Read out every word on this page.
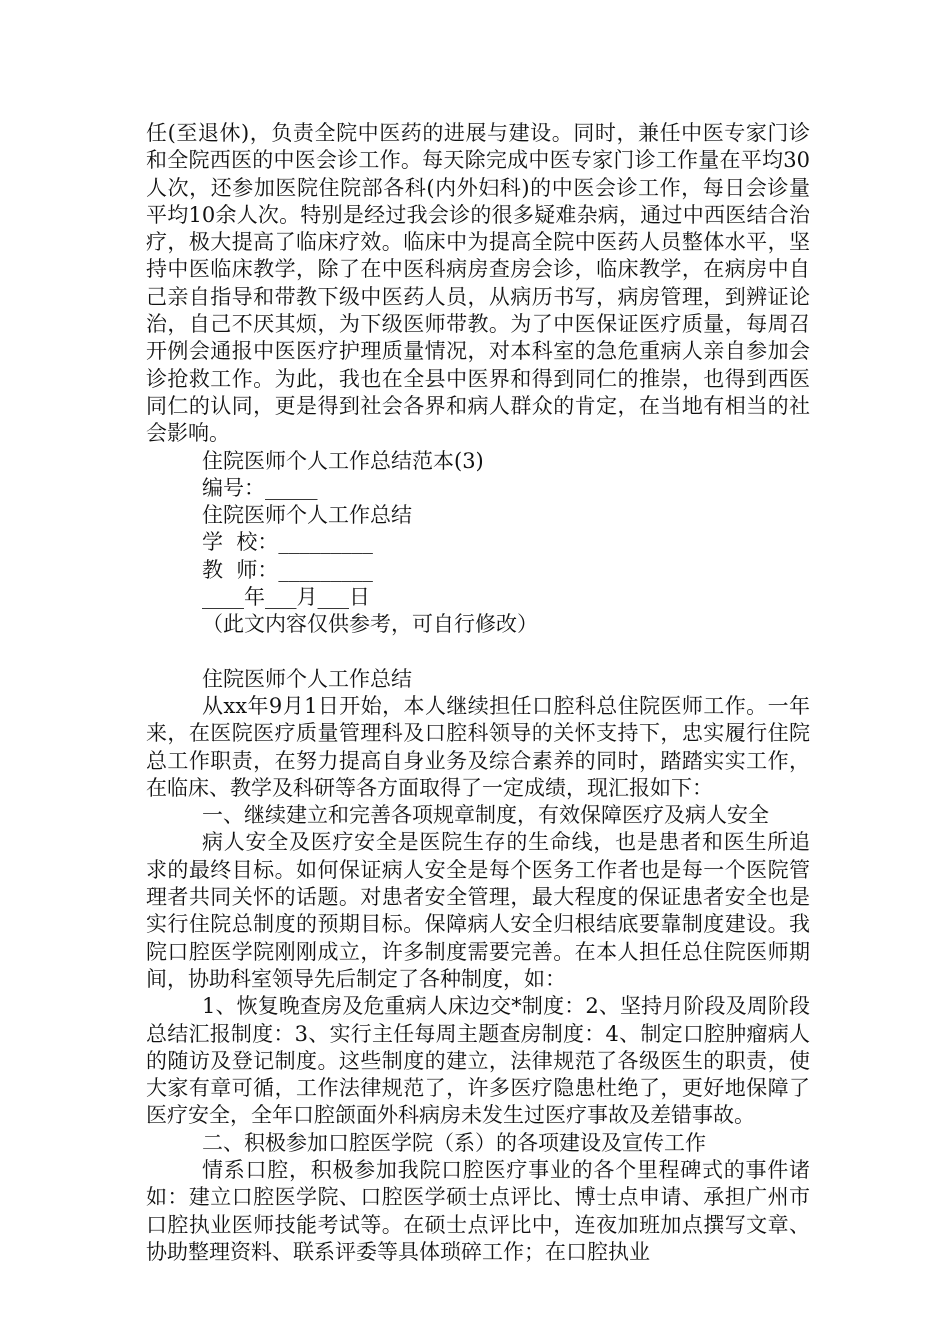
任(至退休)，负责全院中医药的进展与建设。同时，兼任中医专家门诊和全院西医的中医会诊工作。每天除完成中医专家门诊工作量在平均30人次，还参加医院住院部各科(内外妇科)的中医会诊工作，每日会诊量平均10余人次。特别是经过我会诊的很多疑难杂病，通过中西医结合治疗，极大提高了临床疗效。临床中为提高全院中医药人员整体水平，坚持中医临床教学，除了在中医科病房查房会诊，临床教学，在病房中自己亲自指导和带教下级中医药人员，从病历书写，病房管理，到辨证论治，自己不厌其烦，为下级医师带教。为了中医保证医疗质量，每周召开例会通报中医医疗护理质量情况，对本科室的急危重病人亲自参加会诊抢救工作。为此，我也在全县中医界和得到同仁的推崇，也得到西医同仁的认同，更是得到社会各界和病人群众的肯定，在当地有相当的社会影响。

住院医师个人工作总结范本(3)

编号：_____

住院医师个人工作总结

学  校：_________

教  师：_________

____年___月___日

（此文内容仅供参考，可自行修改）

住院医师个人工作总结

从xx年9月1日开始，本人继续担任口腔科总住院医师工作。一年来，在医院医疗质量管理科及口腔科领导的关怀支持下，忠实履行住院总工作职责，在努力提高自身业务及综合素养的同时，踏踏实实工作，在临床、教学及科研等各方面取得了一定成绩，现汇报如下：

一、继续建立和完善各项规章制度，有效保障医疗及病人安全

病人安全及医疗安全是医院生存的生命线，也是患者和医生所追求的最终目标。如何保证病人安全是每个医务工作者也是每一个医院管理者共同关怀的话题。对患者安全管理，最大程度的保证患者安全也是实行住院总制度的预期目标。保障病人安全归根结底要靠制度建设。我院口腔医学院刚刚成立，许多制度需要完善。在本人担任总住院医师期间，协助科室领导先后制定了各种制度，如：

1、恢复晚查房及危重病人床边交*制度：2、坚持月阶段及周阶段总结汇报制度：3、实行主任每周主题查房制度：4、制定口腔肿瘤病人的随访及登记制度。这些制度的建立，法律规范了各级医生的职责，使大家有章可循，工作法律规范了，许多医疗隐患杜绝了，更好地保障了医疗安全，全年口腔颌面外科病房未发生过医疗事故及差错事故。

二、积极参加口腔医学院（系）的各项建设及宣传工作

情系口腔，积极参加我院口腔医疗事业的各个里程碑式的事件诸如：建立口腔医学院、口腔医学硕士点评比、博士点申请、承担广州市口腔执业医师技能考试等。在硕士点评比中，连夜加班加点撰写文章、协助整理资料、联系评委等具体琐碎工作；在口腔执业
